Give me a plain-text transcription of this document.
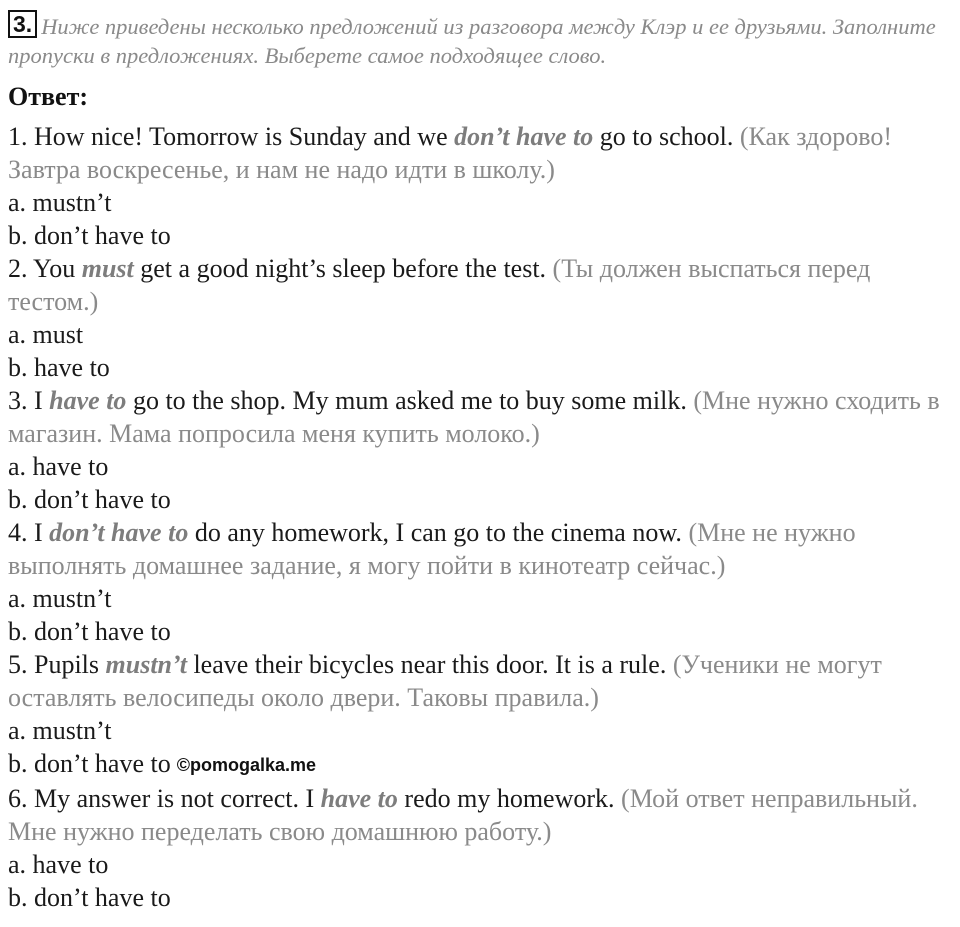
3. Ниже приведены несколько предложений из разговора между Клэр и ее друзьями. Заполните пропуски в предложениях. Выберете самое подходящее слово.

Ответ:

1. How nice! Tomorrow is Sunday and we don’t have to go to school. (Как здорово! Завтра воскресенье, и нам не надо идти в школу.)

a. mustn’t

b. don’t have to

2. You must get a good night’s sleep before the test. (Ты должен выспаться перед тестом.)

a. must

b. have to

3. I have to go to the shop. My mum asked me to buy some milk. (Мне нужно сходить в магазин. Мама попросила меня купить молоко.)

a. have to

b. don’t have to

4. I don’t have to do any homework, I can go to the cinema now. (Мне не нужно выполнять домашнее задание, я могу пойти в кинотеатр сейчас.)

a. mustn’t

b. don’t have to

5. Pupils mustn’t leave their bicycles near this door. It is a rule. (Ученики не могут оставлять велосипеды около двери. Таковы правила.)

a. mustn’t

b. don’t have to ©pomogalka.me

6. My answer is not correct. I have to redo my homework. (Мой ответ неправильный. Мне нужно переделать свою домашнюю работу.)

a. have to

b. don’t have to
